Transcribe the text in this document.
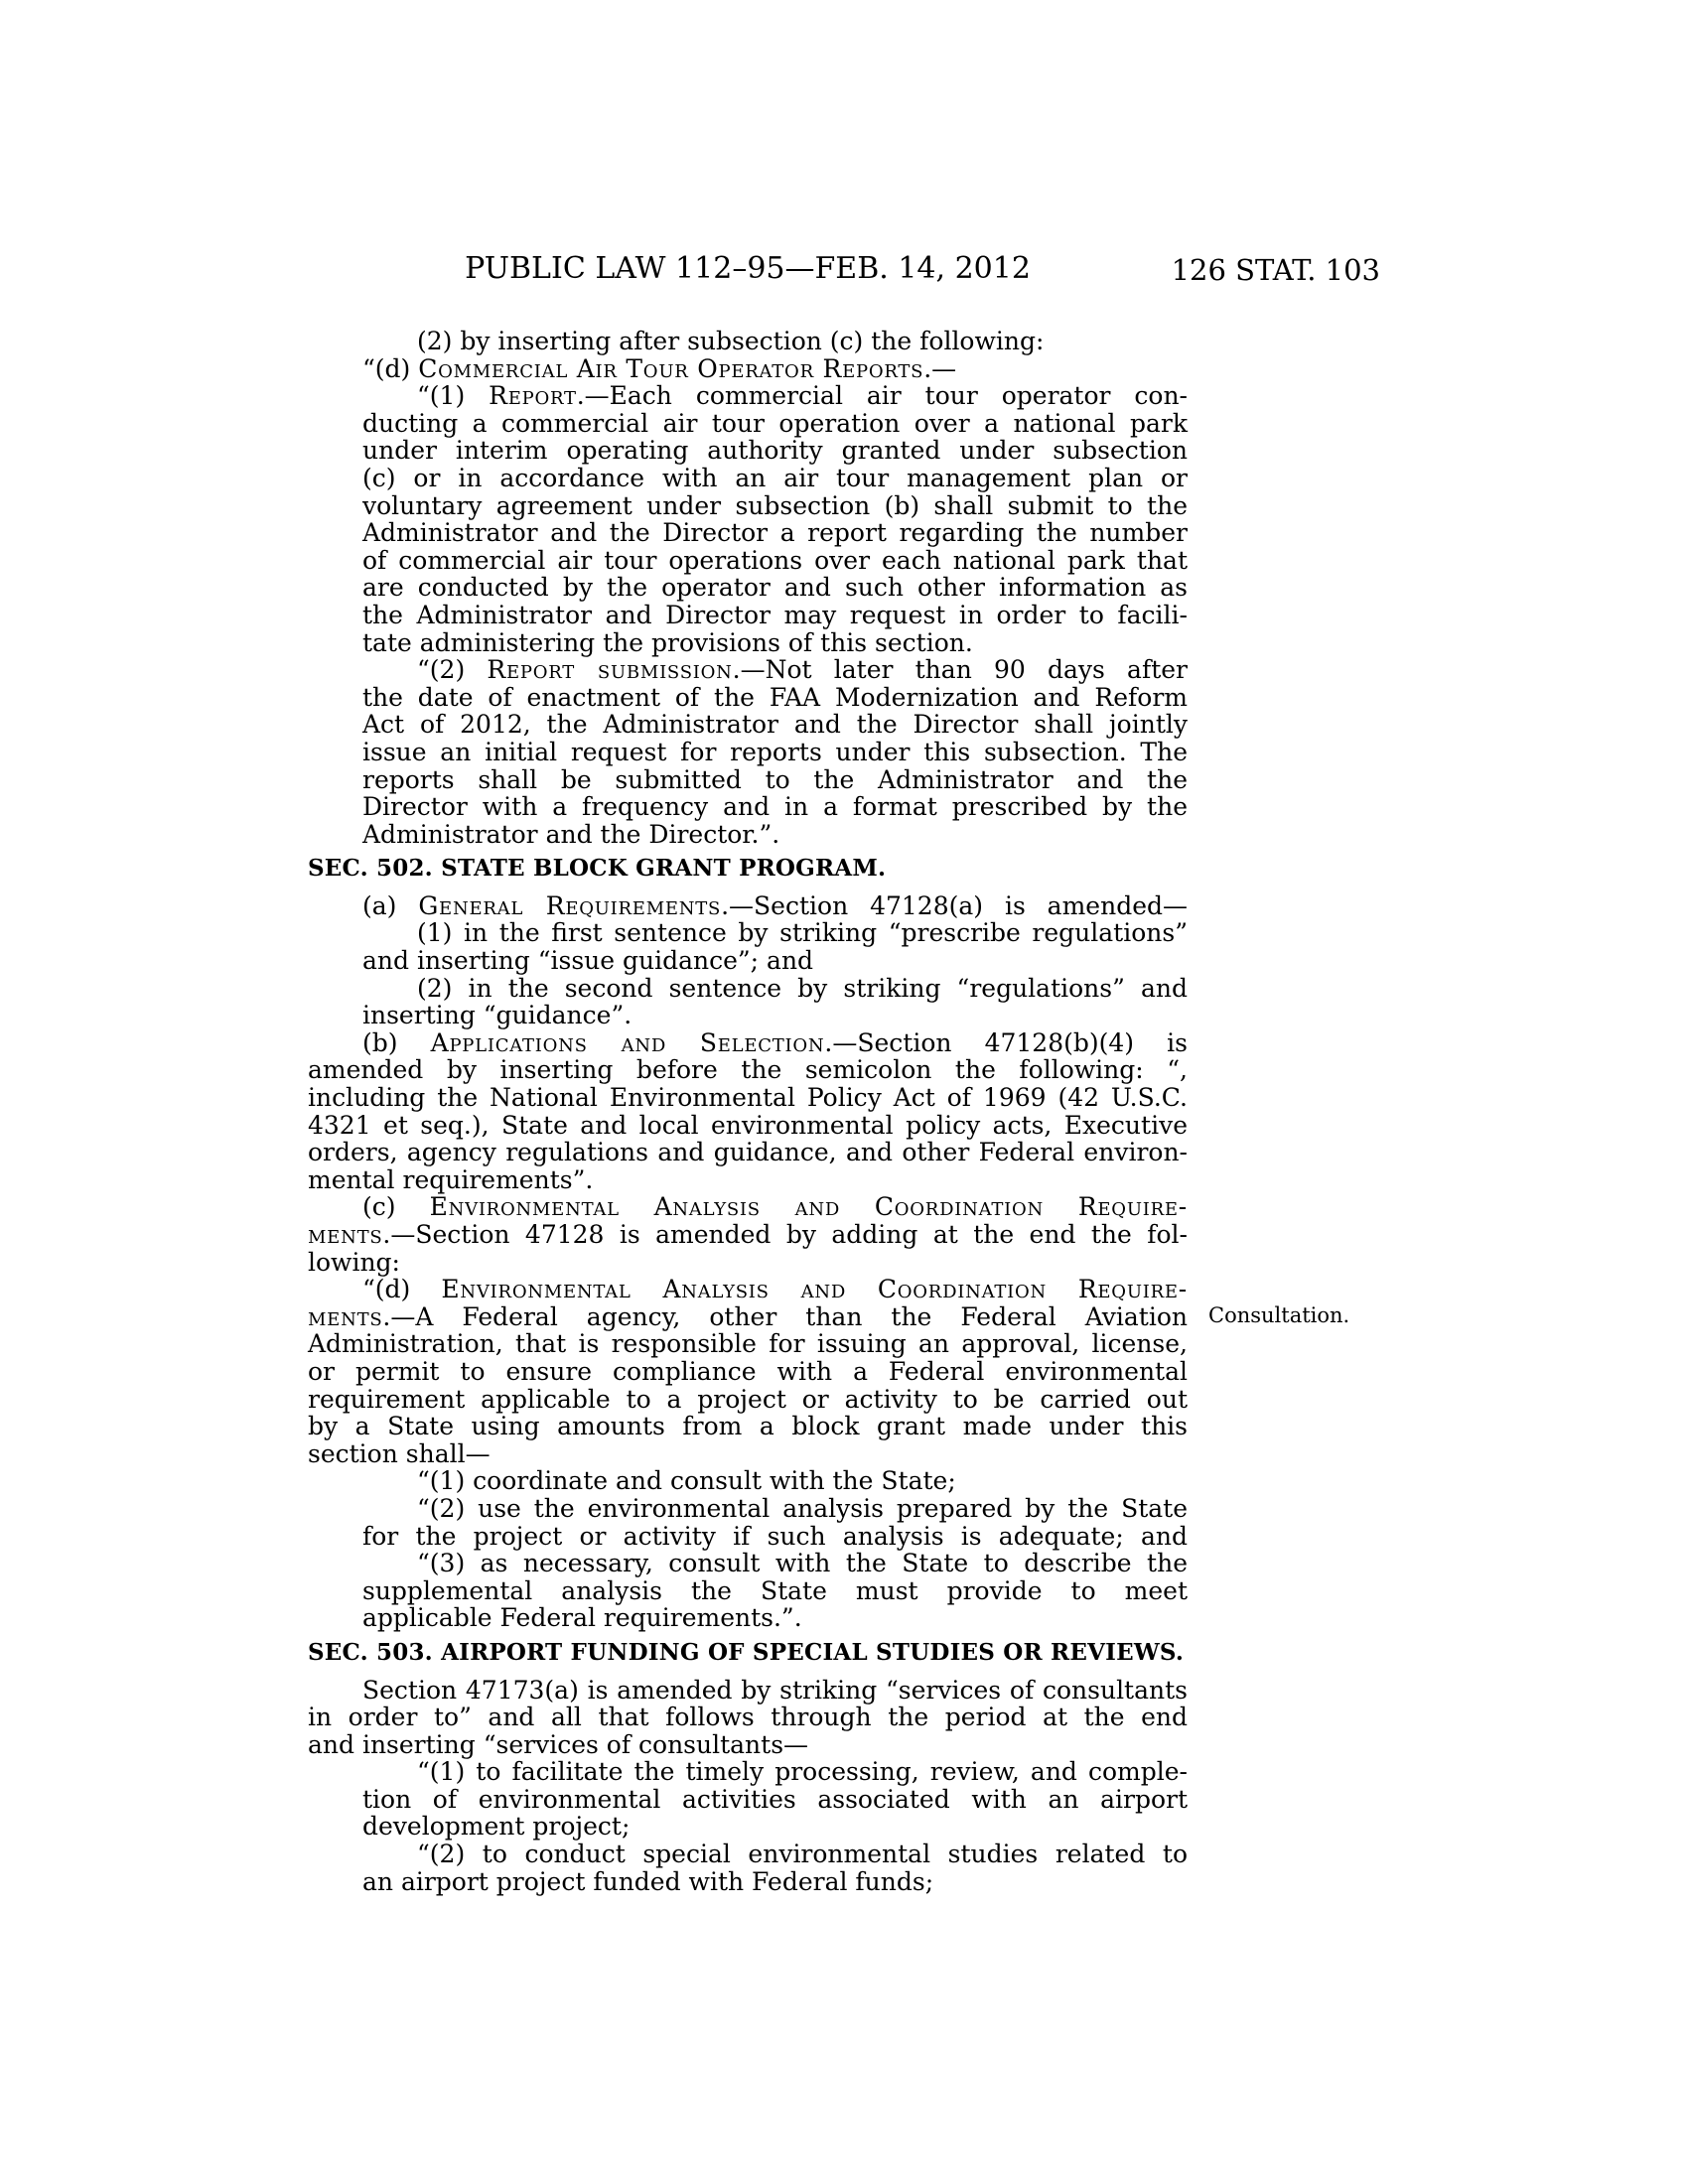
PUBLIC LAW 112–95—FEB. 14, 2012	126 STAT. 103
(2) by inserting after subsection (c) the following:
“(d) Commercial Air Tour Operator Reports.—
“(1) Report.—Each commercial air tour operator con-
ducting a commercial air tour operation over a national park
under interim operating authority granted under subsection
(c) or in accordance with an air tour management plan or
voluntary agreement under subsection (b) shall submit to the
Administrator and the Director a report regarding the number
of commercial air tour operations over each national park that
are conducted by the operator and such other information as
the Administrator and Director may request in order to facili-
tate administering the provisions of this section.
“(2) Report submission.—Not later than 90 days after
the date of enactment of the FAA Modernization and Reform
Act of 2012, the Administrator and the Director shall jointly
issue an initial request for reports under this subsection. The
reports shall be submitted to the Administrator and the
Director with a frequency and in a format prescribed by the
Administrator and the Director.”.
SEC. 502. STATE BLOCK GRANT PROGRAM.
(a) General Requirements.—Section 47128(a) is amended—
(1) in the first sentence by striking “prescribe regulations”
and inserting “issue guidance”; and
(2) in the second sentence by striking “regulations” and
inserting “guidance”.
(b) Applications and Selection.—Section 47128(b)(4) is
amended by inserting before the semicolon the following: “,
including the National Environmental Policy Act of 1969 (42 U.S.C.
4321 et seq.), State and local environmental policy acts, Executive
orders, agency regulations and guidance, and other Federal environ-
mental requirements”.
(c) Environmental Analysis and Coordination Require-
ments.—Section 47128 is amended by adding at the end the fol-
lowing:
“(d) Environmental Analysis and Coordination Require-
Consultation.
ments.—A Federal agency, other than the Federal Aviation
Administration, that is responsible for issuing an approval, license,
or permit to ensure compliance with a Federal environmental
requirement applicable to a project or activity to be carried out
by a State using amounts from a block grant made under this
section shall—
“(1) coordinate and consult with the State;
“(2) use the environmental analysis prepared by the State
for the project or activity if such analysis is adequate; and
“(3) as necessary, consult with the State to describe the
supplemental analysis the State must provide to meet
applicable Federal requirements.”.
SEC. 503. AIRPORT FUNDING OF SPECIAL STUDIES OR REVIEWS.
Section 47173(a) is amended by striking “services of consultants
in order to” and all that follows through the period at the end
and inserting “services of consultants—
“(1) to facilitate the timely processing, review, and comple-
tion of environmental activities associated with an airport
development project;
“(2) to conduct special environmental studies related to
an airport project funded with Federal funds;
